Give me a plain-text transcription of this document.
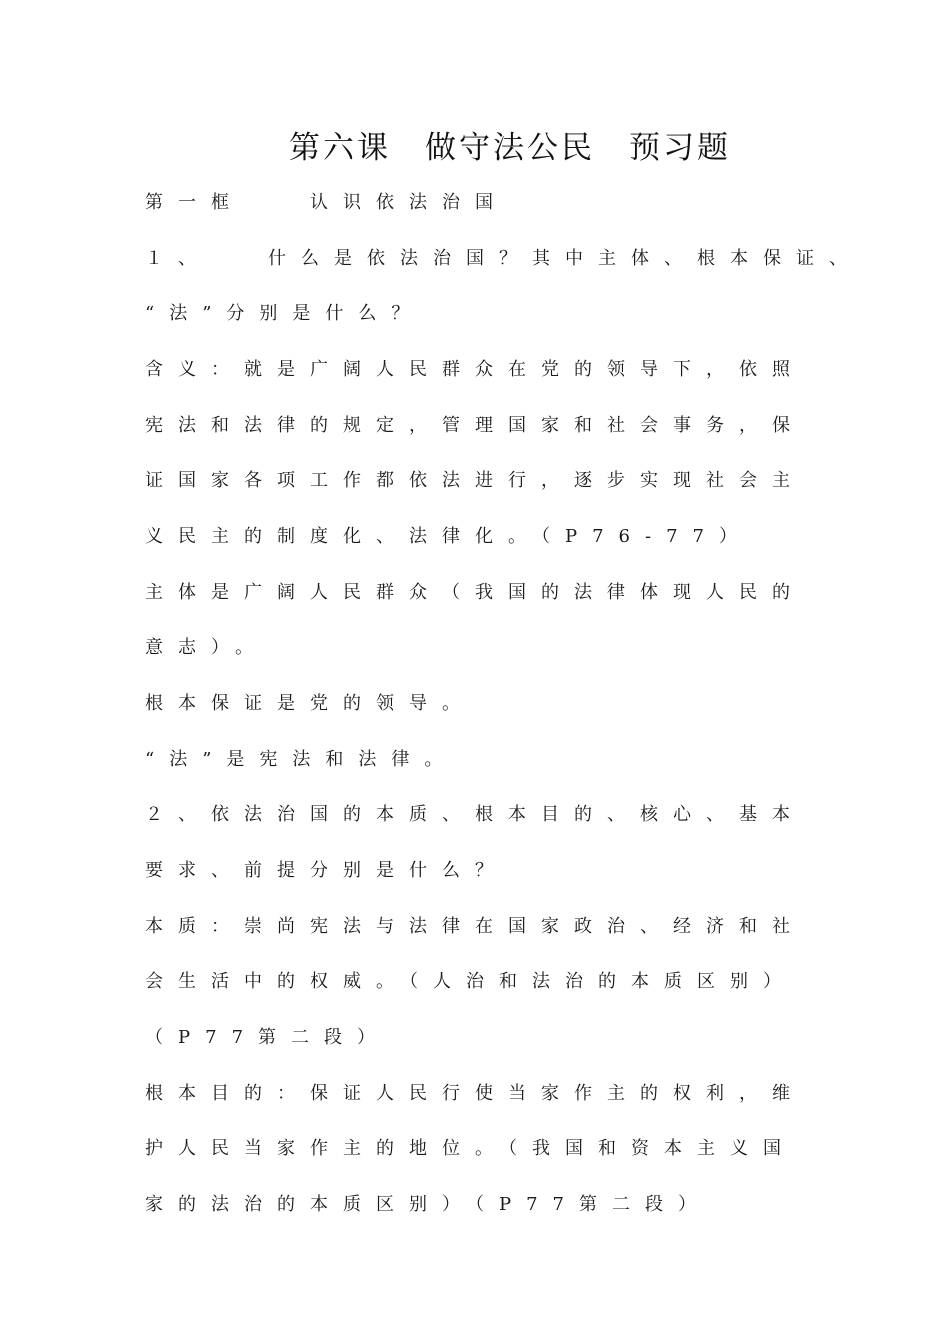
第六课　做守法公民　预习题

第一框　　认识依法治国

１、　　什么是依法治国？其中主体、根本保证、

“法”分别是什么？

含义：就是广阔人民群众在党的领导下，依照

宪法和法律的规定，管理国家和社会事务，保

证国家各项工作都依法进行，逐步实现社会主

义民主的制度化、法律化。（P76-77）

主体是广阔人民群众（我国的法律体现人民的

意志）。

根本保证是党的领导。

“法”是宪法和法律。

２、依法治国的本质、根本目的、核心、基本

要求、前提分别是什么？

本质：崇尚宪法与法律在国家政治、经济和社

会生活中的权威。（人治和法治的本质区别）

（P77第二段）

根本目的：保证人民行使当家作主的权利，维

护人民当家作主的地位。（我国和资本主义国

家的法治的本质区别）（P77第二段）
